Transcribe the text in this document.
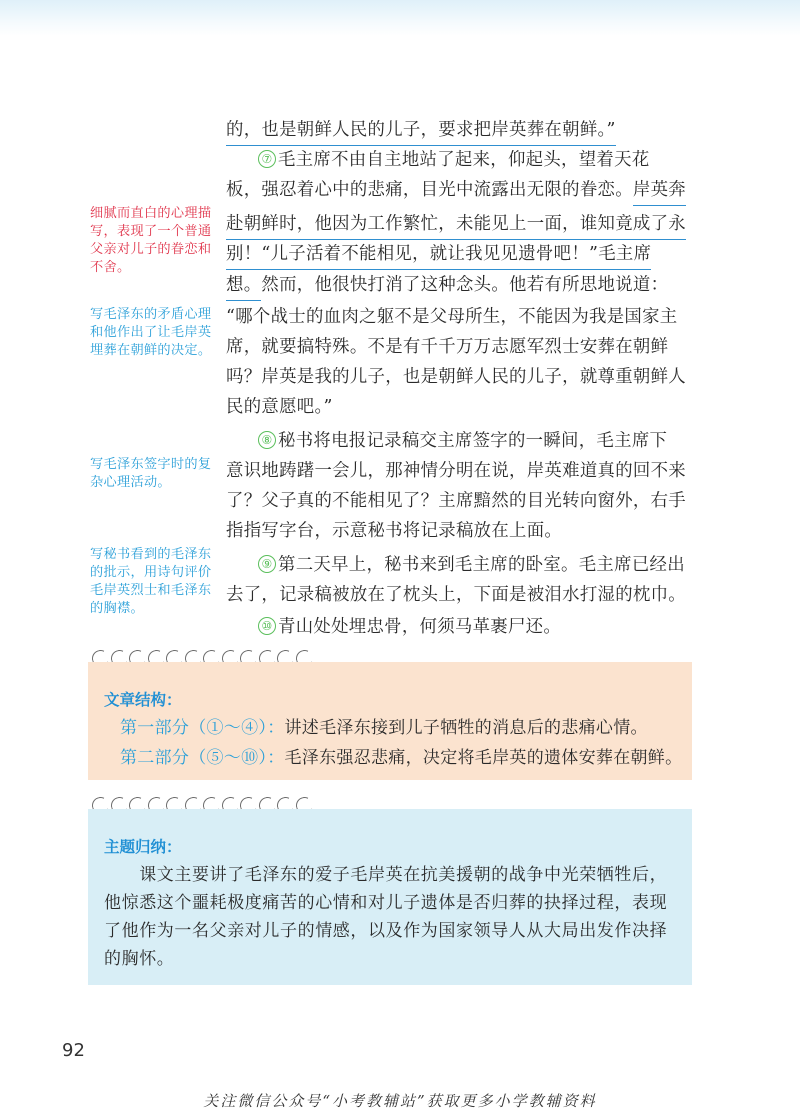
的，也是朝鲜人民的儿子，要求把岸英葬在朝鲜。”
⑦ 毛主席不由自主地站了起来，仰起头，望着天花
板，强忍着心中的悲痛，目光中流露出无限的眷恋。岸英奔
赴朝鲜时，他因为工作繁忙，未能见上一面，谁知竟成了永
别！“儿子活着不能相见，就让我见见遗骨吧！”毛主席
想。然而，他很快打消了这种念头。他若有所思地说道：
“哪个战士的血肉之躯不是父母所生，不能因为我是国家主
席，就要搞特殊。不是有千千万万志愿军烈士安葬在朝鲜
吗？岸英是我的儿子，也是朝鲜人民的儿子，就尊重朝鲜人
民的意愿吧。”
⑧ 秘书将电报记录稿交主席签字的一瞬间，毛主席下
意识地踌躇一会儿，那神情分明在说，岸英难道真的回不来
了？父子真的不能相见了？主席黯然的目光转向窗外，右手
指指写字台，示意秘书将记录稿放在上面。
⑨ 第二天早上，秘书来到毛主席的卧室。毛主席已经出
去了，记录稿被放在了枕头上，下面是被泪水打湿的枕巾。
⑩ 青山处处埋忠骨，何须马革裹尸还。
细腻而直白的心理描写，表现了一个普通父亲对儿子的眷恋和不舍。
写毛泽东的矛盾心理和他作出了让毛岸英埋葬在朝鲜的决定。
写毛泽东签字时的复杂心理活动。
写秘书看到的毛泽东的批示，用诗句评价毛岸英烈士和毛泽东的胸襟。
文章结构：
第一部分（①～④）：讲述毛泽东接到儿子牺牲的消息后的悲痛心情。
第二部分（⑤～⑩）：毛泽东强忍悲痛，决定将毛岸英的遗体安葬在朝鲜。
主题归纳：
　　课文主要讲了毛泽东的爱子毛岸英在抗美援朝的战争中光荣牺牲后，
他惊悉这个噩耗极度痛苦的心情和对儿子遗体是否归葬的抉择过程，表现
了他作为一名父亲对儿子的情感，以及作为国家领导人从大局出发作决择
的胸怀。
92
关注微信公众号“小考教辅站”获取更多小学教辅资料
